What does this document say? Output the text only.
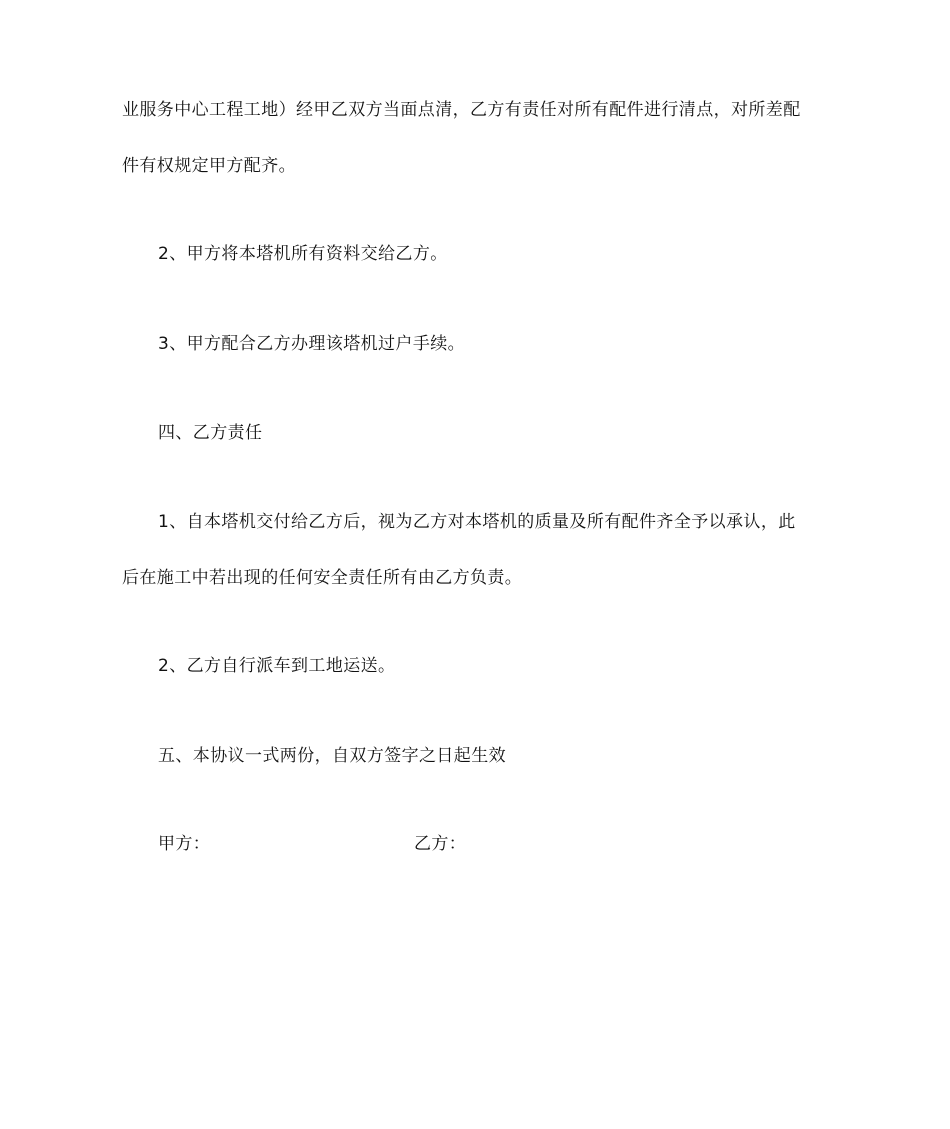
业服务中心工程工地）经甲乙双方当面点清，乙方有责任对所有配件进行清点，对所差配
件有权规定甲方配齐。
2、甲方将本塔机所有资料交给乙方。
3、甲方配合乙方办理该塔机过户手续。
四、乙方责任
1、自本塔机交付给乙方后，视为乙方对本塔机的质量及所有配件齐全予以承认，此
后在施工中若出现的任何安全责任所有由乙方负责。
2、乙方自行派车到工地运送。
五、本协议一式两份，自双方签字之日起生效
甲方：	乙方：
